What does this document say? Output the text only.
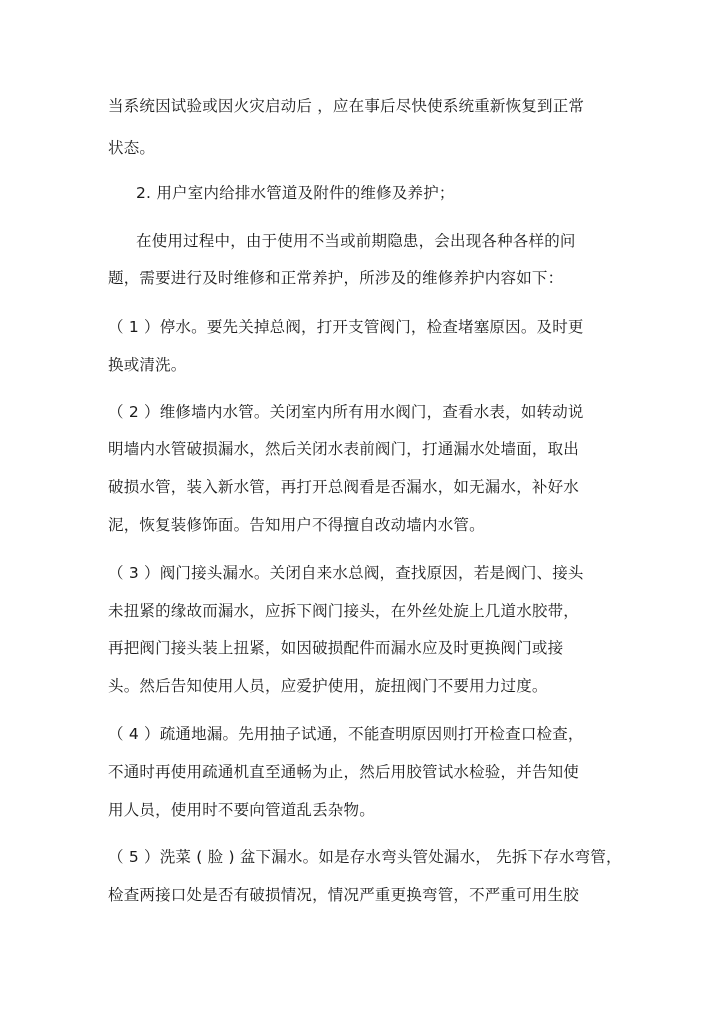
当系统因试验或因火灾启动后 ，应在事后尽快使系统重新恢复到正常
状态。
2. 用户室内给排水管道及附件的维修及养护；
在使用过程中，由于使用不当或前期隐患，会出现各种各样的问
题，需要进行及时维修和正常养护，所涉及的维修养护内容如下：
（ 1 ）停水。要先关掉总阀，打开支管阀门，检查堵塞原因。及时更
换或清洗。
（ 2 ）维修墙内水管。关闭室内所有用水阀门，查看水表，如转动说
明墙内水管破损漏水，然后关闭水表前阀门，打通漏水处墙面，取出
破损水管，装入新水管，再打开总阀看是否漏水，如无漏水，补好水
泥，恢复装修饰面。告知用户不得擅自改动墙内水管。
（ 3 ）阀门接头漏水。关闭自来水总阀，查找原因，若是阀门、接头
未扭紧的缘故而漏水，应拆下阀门接头，在外丝处旋上几道水胶带，
再把阀门接头装上扭紧，如因破损配件而漏水应及时更换阀门或接
头。然后告知使用人员，应爱护使用，旋扭阀门不要用力过度。
（ 4 ）疏通地漏。先用抽子试通，不能查明原因则打开检查口检查，
不通时再使用疏通机直至通畅为止，然后用胶管试水检验，并告知使
用人员，使用时不要向管道乱丢杂物。
（ 5 ）洗菜 ( 脸 ) 盆下漏水。如是存水弯头管处漏水， 先拆下存水弯管，
检查两接口处是否有破损情况，情况严重更换弯管，不严重可用生胶
